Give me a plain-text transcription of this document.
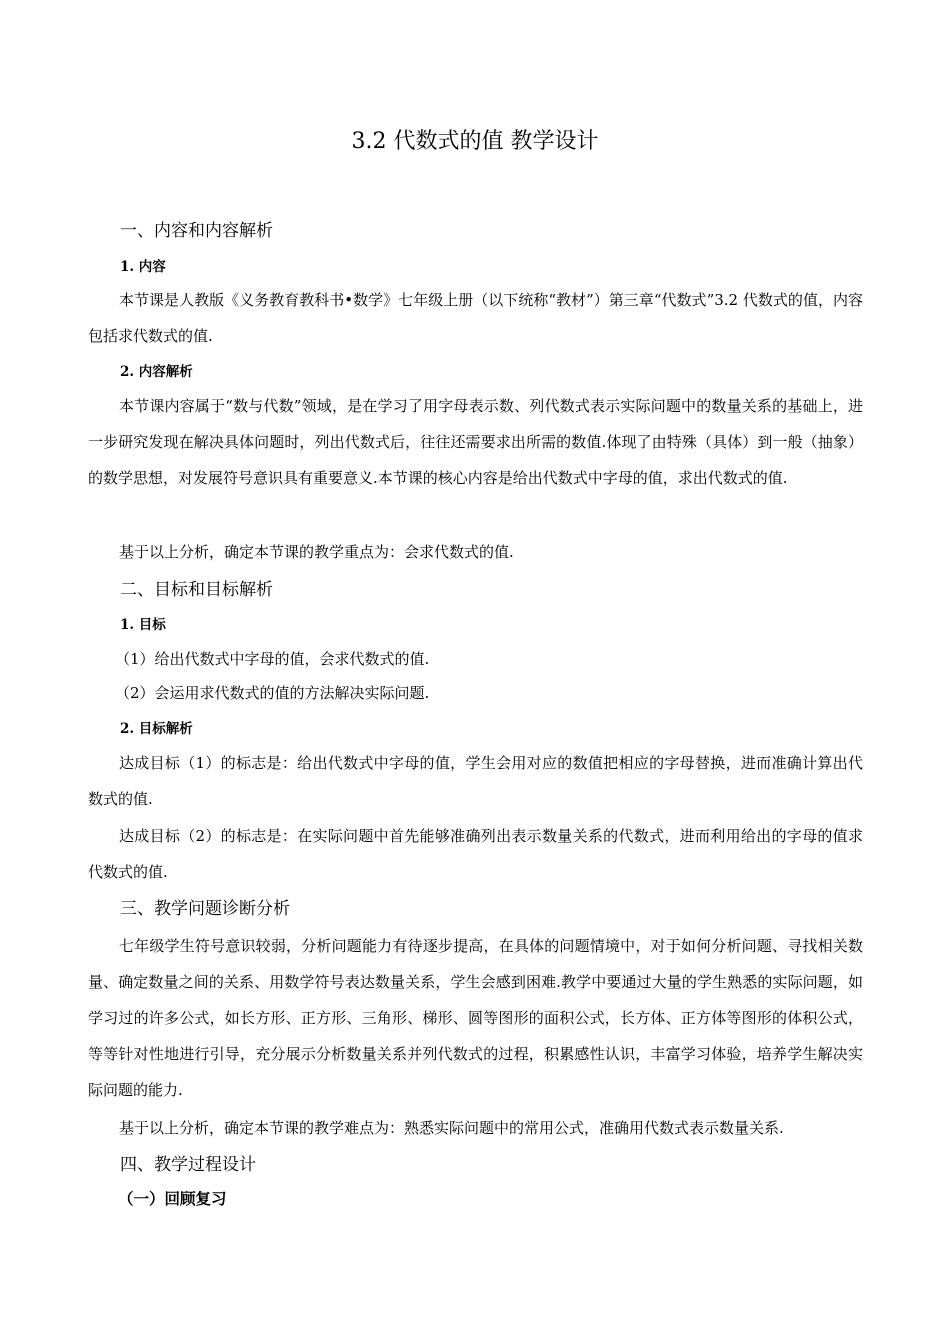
3.2 代数式的值 教学设计
一、内容和内容解析
1. 内容

本节课是人教版《义务教育教科书•数学》七年级上册（以下统称“教材”）第三章“代数式”3.2 代数式的值，内容包括求代数式的值.

2. 内容解析

本节课内容属于“数与代数”领域，是在学习了用字母表示数、列代数式表示实际问题中的数量关系的基础上，进一步研究发现在解决具体问题时，列出代数式后，往往还需要求出所需的数值.体现了由特殊（具体）到一般（抽象）的数学思想，对发展符号意识具有重要意义.本节课的核心内容是给出代数式中字母的值，求出代数式的值.

基于以上分析，确定本节课的教学重点为：会求代数式的值.

二、目标和目标解析
1. 目标
（1）给出代数式中字母的值，会求代数式的值.
（2）会运用求代数式的值的方法解决实际问题.
2. 目标解析

达成目标（1）的标志是：给出代数式中字母的值，学生会用对应的数值把相应的字母替换，进而准确计算出代数式的值.

达成目标（2）的标志是：在实际问题中首先能够准确列出表示数量关系的代数式，进而利用给出的字母的值求代数式的值.

三、教学问题诊断分析

七年级学生符号意识较弱，分析问题能力有待逐步提高，在具体的问题情境中，对于如何分析问题、寻找相关数量、确定数量之间的关系、用数学符号表达数量关系，学生会感到困难.教学中要通过大量的学生熟悉的实际问题，如学习过的许多公式，如长方形、正方形、三角形、梯形、圆等图形的面积公式，长方体、正方体等图形的体积公式，等等针对性地进行引导，充分展示分析数量关系并列代数式的过程，积累感性认识，丰富学习体验，培养学生解决实际问题的能力.

基于以上分析，确定本节课的教学难点为：熟悉实际问题中的常用公式，准确用代数式表示数量关系.

四、教学过程设计
（一）回顾复习
